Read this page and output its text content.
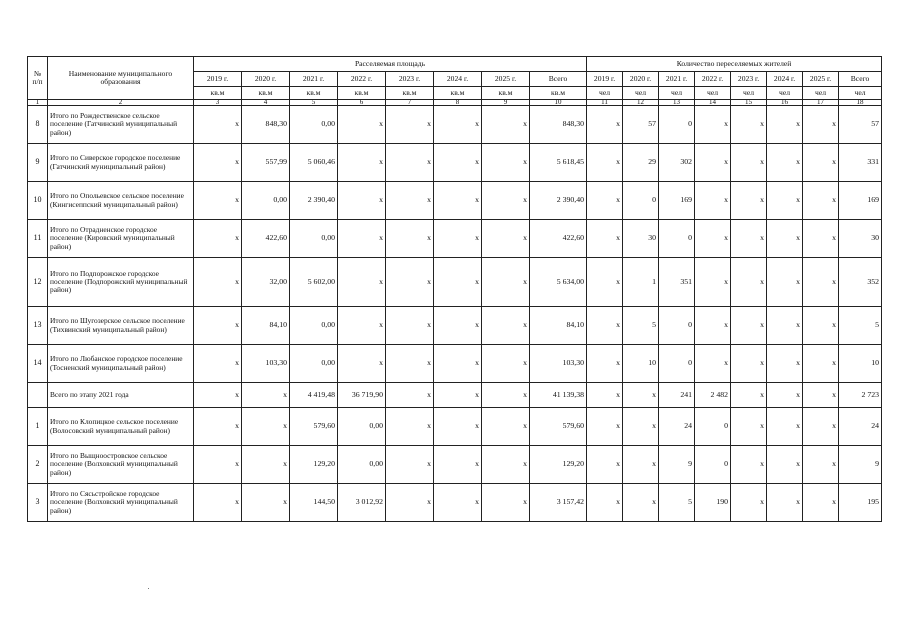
№
п/п	Наименование муниципального образования	Расселяемая площадь								Количество переселяемых жителей							
		2019 г.	2020 г.	2021 г.	2022 г.	2023 г.	2024 г.	2025 г.	Всего	2019 г.	2020 г.	2021 г.	2022 г.	2023 г.	2024 г.	2025 г.	Всего
		кв.м	кв.м	кв.м	кв.м	кв.м	кв.м	кв.м	кв.м	чел	чел	чел	чел	чел	чел	чел	чел
1	2	3	4	5	6	7	8	9	10	11	12	13	14	15	16	17	18
8	Итого по Рождественское сельское поселение (Гатчинский муниципальный район)	x	848,30	0,00	x	x	x	x	848,30	x	57	0	x	x	x	x	57
9	Итого по Сиверское городское поселение (Гатчинский муниципальный район)	x	557,99	5 060,46	x	x	x	x	5 618,45	x	29	302	x	x	x	x	331
10	Итого по Опольевское сельское поселение (Кингисеппский муниципальный район)	x	0,00	2 390,40	x	x	x	x	2 390,40	x	0	169	x	x	x	x	169
11	Итого по Отрадненское городское поселение (Кировский муниципальный район)	x	422,60	0,00	x	x	x	x	422,60	x	30	0	x	x	x	x	30
12	Итого по Подпорожское городское поселение (Подпорожский муниципальный район)	x	32,00	5 602,00	x	x	x	x	5 634,00	x	1	351	x	x	x	x	352
13	Итого по Шугозерское сельское поселение (Тихвинский муниципальный район)	x	84,10	0,00	x	x	x	x	84,10	x	5	0	x	x	x	x	5
14	Итого по Любанское городское поселение (Тосненский муниципальный район)	x	103,30	0,00	x	x	x	x	103,30	x	10	0	x	x	x	x	10
	Всего по этапу 2021 года	x	x	4 419,48	36 719,90	x	x	x	41 139,38	x	x	241	2 482	x	x	x	2 723
1	Итого по Клопицкое сельское поселение (Волосовский муниципальный район)	x	x	579,60	0,00	x	x	x	579,60	x	x	24	0	x	x	x	24
2	Итого по Выщноостровское сельское поселение (Волховский муниципальный район)	x	x	129,20	0,00	x	x	x	129,20	x	x	9	0	x	x	x	9
3	Итого по Сясьстройское городское поселение (Волховский муниципальный район)	x	x	144,50	3 012,92	x	x	x	3 157,42	x	x	5	190	x	x	x	195
